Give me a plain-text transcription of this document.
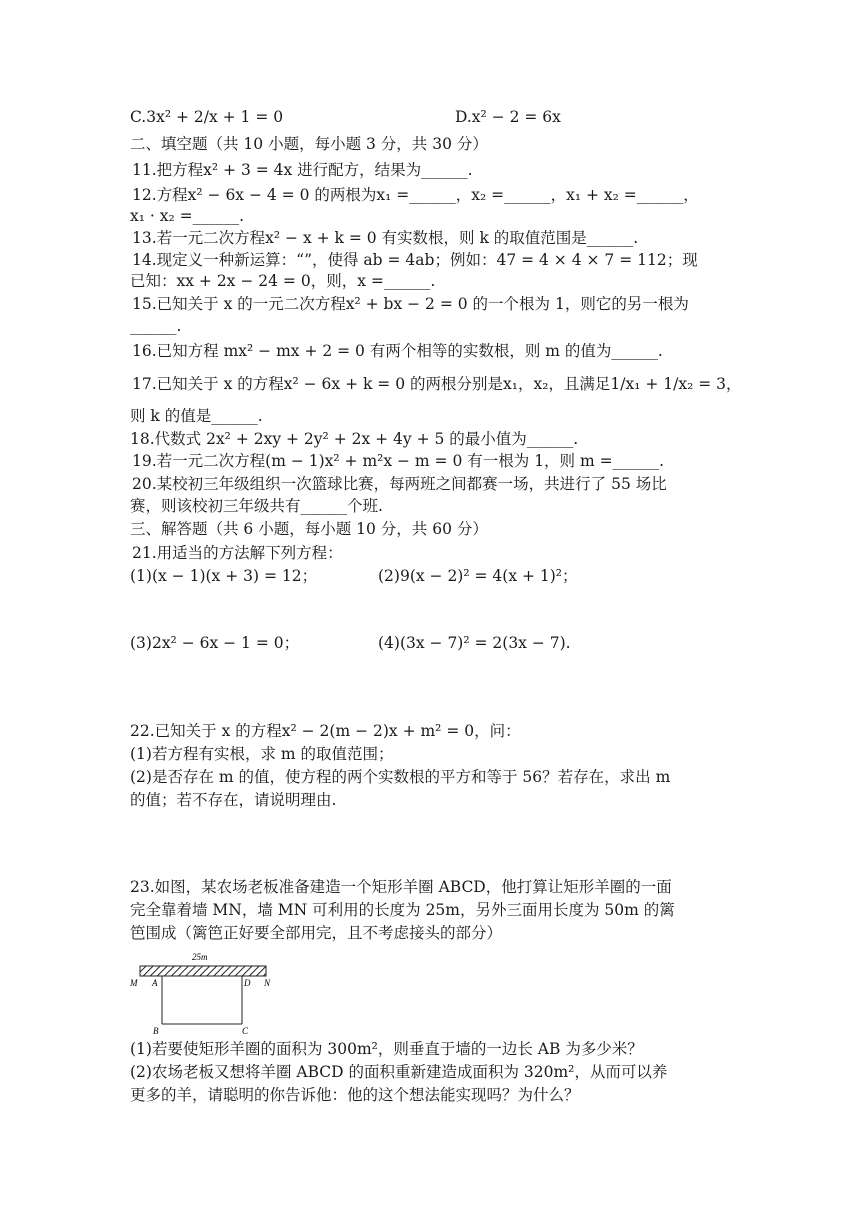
C.3x² + 2/x + 1 = 0	D.x² − 2 = 6x
二、填空题（共 10 小题，每小题 3 分，共 30 分）
11.把方程x² + 3 = 4x 进行配方，结果为______.
12.方程x² − 6x − 4 = 0 的两根为x₁ =______，x₂ =______，x₁ + x₂ =______，
x₁ · x₂ =______.
13.若一元二次方程x² − x + k = 0 有实数根，则 k 的取值范围是______.
14.现定义一种新运算：“”，使得 ab = 4ab；例如：47 = 4 × 4 × 7 = 112；现
已知：xx + 2x − 24 = 0，则，x =______.
15.已知关于 x 的一元二次方程x² + bx − 2 = 0 的一个根为 1，则它的另一根为
______.
16.已知方程 mx² − mx + 2 = 0 有两个相等的实数根，则 m 的值为______.
17.已知关于 x 的方程x² − 6x + k = 0 的两根分别是x₁，x₂，且满足1/x₁ + 1/x₂ = 3，
则 k 的值是______.
18.代数式 2x² + 2xy + 2y² + 2x + 4y + 5 的最小值为______.
19.若一元二次方程(m − 1)x² + m²x − m = 0 有一根为 1，则 m =______.
20.某校初三年级组织一次篮球比赛，每两班之间都赛一场，共进行了 55 场比
赛，则该校初三年级共有______个班.
三、解答题（共 6 小题，每小题 10 分，共 60 分）
21.用适当的方法解下列方程：
(1)(x − 1)(x + 3) = 12；	(2)9(x − 2)² = 4(x + 1)²；
(3)2x² − 6x − 1 = 0；	(4)(3x − 7)² = 2(3x − 7).
22.已知关于 x 的方程x² − 2(m − 2)x + m² = 0，问：
(1)若方程有实根，求 m 的取值范围；
(2)是否存在 m 的值，使方程的两个实数根的平方和等于 56？若存在，求出 m
的值；若不存在，请说明理由.
23.如图，某农场老板准备建造一个矩形羊圈 ABCD，他打算让矩形羊圈的一面
完全靠着墙 MN，墙 MN 可利用的长度为 25m，另外三面用长度为 50m 的篱
笆围成（篱笆正好要全部用完，且不考虑接头的部分）
25m
M A	D N
B	C
(1)若要使矩形羊圈的面积为 300m²，则垂直于墙的一边长 AB 为多少米？
(2)农场老板又想将羊圈 ABCD 的面积重新建造成面积为 320m²，从而可以养
更多的羊，请聪明的你告诉他：他的这个想法能实现吗？为什么？
